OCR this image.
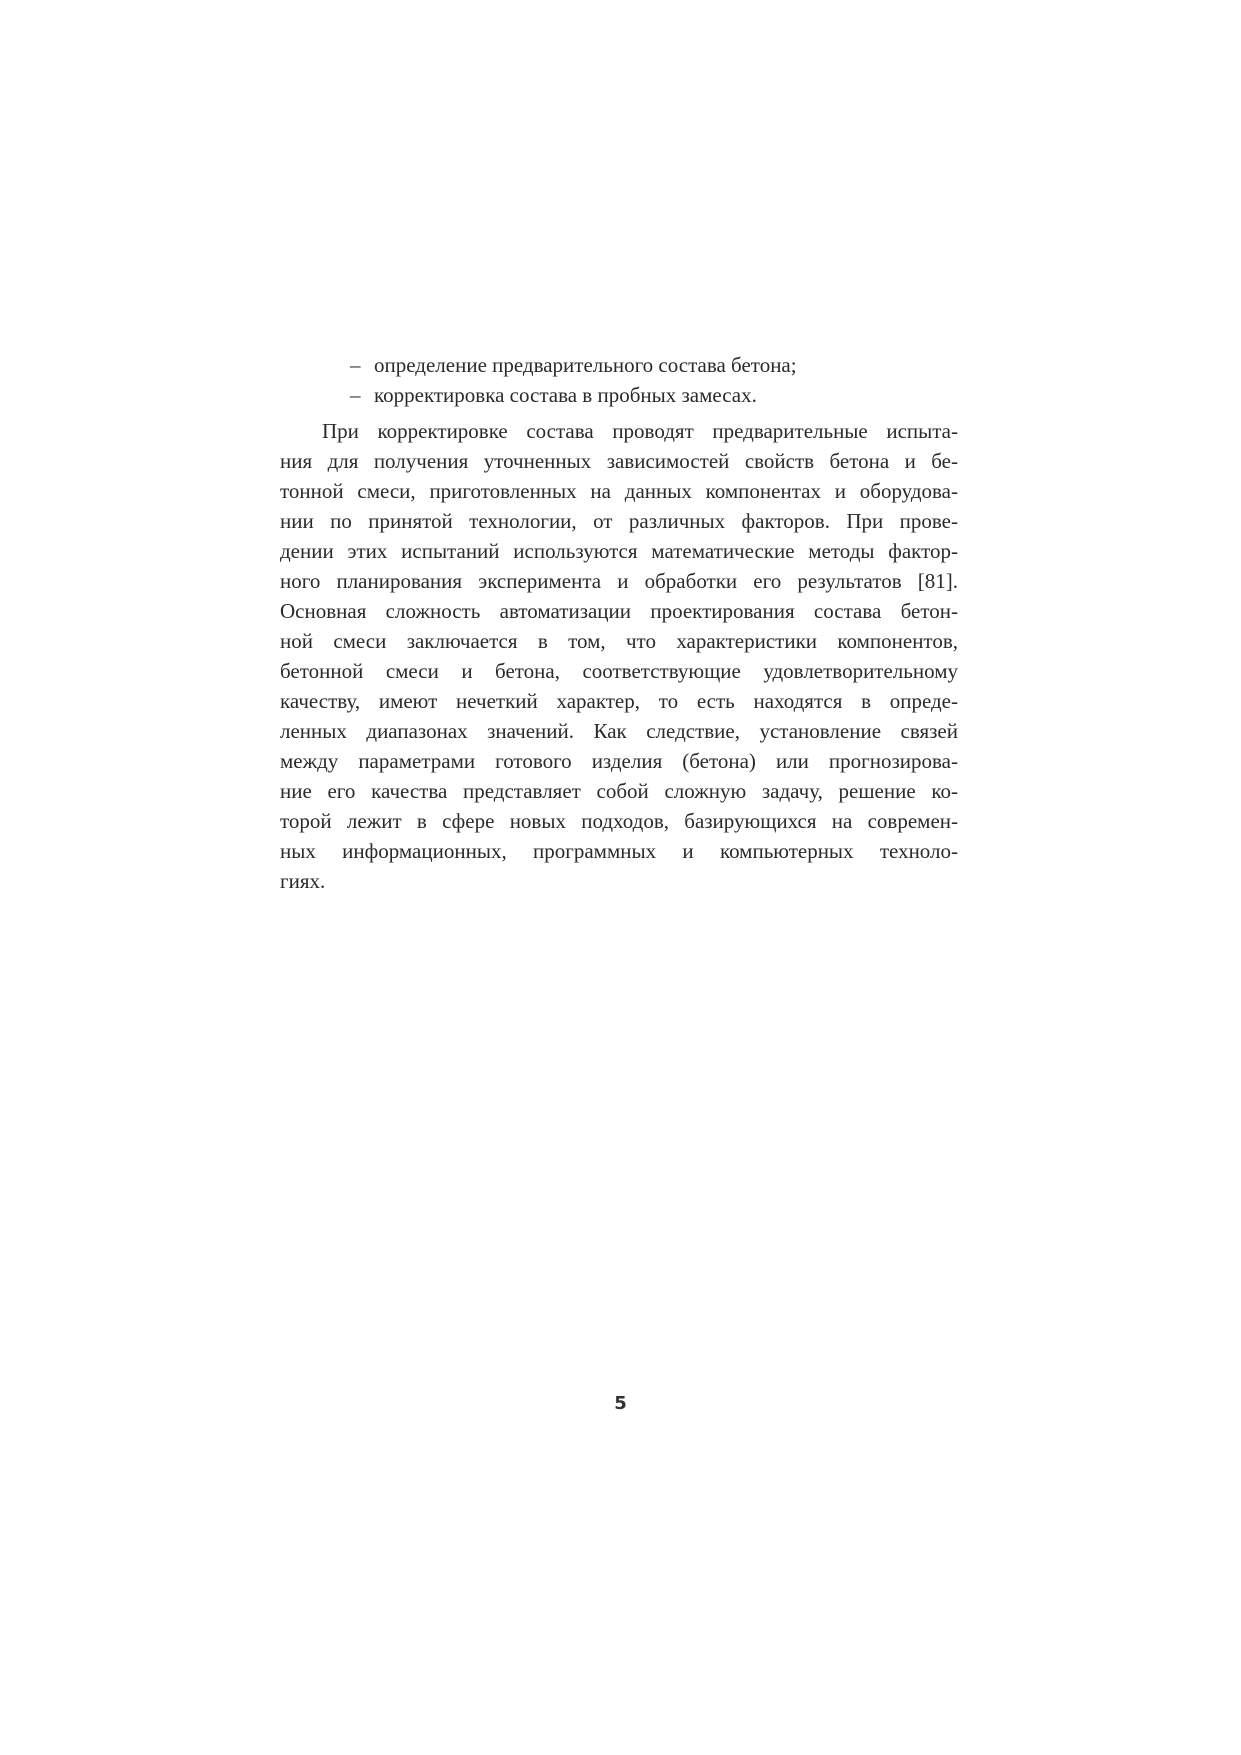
– определение предварительного состава бетона;
– корректировка состава в пробных замесах.
При корректировке состава проводят предварительные испыта-
ния для получения уточненных зависимостей свойств бетона и бе-
тонной смеси, приготовленных на данных компонентах и оборудова-
нии по принятой технологии, от различных факторов. При прове-
дении этих испытаний используются математические методы фактор-
ного планирования эксперимента и обработки его результатов [81].
Основная сложность автоматизации проектирования состава бетон-
ной смеси заключается в том, что характеристики компонентов,
бетонной смеси и бетона, соответствующие удовлетворительному
качеству, имеют нечеткий характер, то есть находятся в опреде-
ленных диапазонах значений. Как следствие, установление связей
между параметрами готового изделия (бетона) или прогнозирова-
ние его качества представляет собой сложную задачу, решение ко-
торой лежит в сфере новых подходов, базирующихся на современ-
ных информационных, программных и компьютерных техноло-
гиях.
5
